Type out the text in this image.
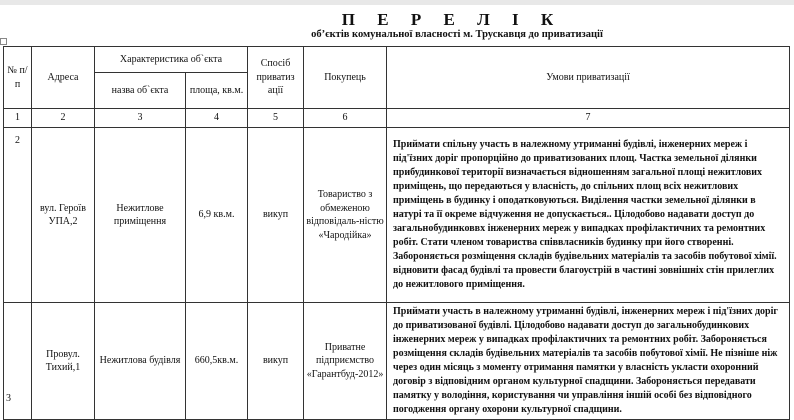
П Е Р Е Л І К
об’єктів комунальної власності м. Трускавця до приватизації
№ п/п	Адреса	Характеристика об`єкта		Спосіб приватиз ації	Покупець	Умови приватизації
		назва об`єкта	площа, кв.м.			
1	2	3	4	5	6	7
2	вул. Героїв УПА,2	Нежитлове приміщення	6,9 кв.м.	викуп	Товариство з обмеженою відповідаль-ністю «Чародійка»	Приймати спільну участь в належному утриманні будівлі, інженерних мереж і під'їзних доріг пропорційно до приватизованих площ. Частка земельної ділянки прибудинкової території визначається відношенням загальної площі нежитлових приміщень, що передаються у власність, до спільних площ всіх нежитлових приміщень в будинку і оподатковуються. Виділення частки земельної ділянки в натурі та її окреме відчуження не допускається.. Цілодобово надавати доступ до загальнобудинковвх інженерних мереж у випадках профілактичних та ремонтних робіт. Стати членом товариства співвласників будинку при його створенні. Забороняється розміщення складів будівельних матеріалів та засобів побутової хімії. відновити фасад будівлі та провести благоустрій в частині зовнішніх стін прилеглих до нежитлового приміщення.
3	Провул. Тихий,1	Нежитлова будівля	660,5кв.м.	викуп	Приватне підприємство «Гарантбуд-2012»	Приймати участь в належному утриманні будівлі, інженерних мереж і під'їзних доріг до приватизованої будівлі. Цілодобово надавати доступ до загальнобудинкових інженерних мереж у випадках профілактичних та ремонтних робіт. Забороняється розміщення складів будівельних матеріалів та засобів побутової хімії. Не пізніше ніж через один місяць з моменту отримання памятки у власність укласти охоронний договір з відповідним органом культурної спадщини. Забороняється передавати памятку у володіння, користування чи управління іншій особі без відповідного погодження органу охорони культурної спадщини.
